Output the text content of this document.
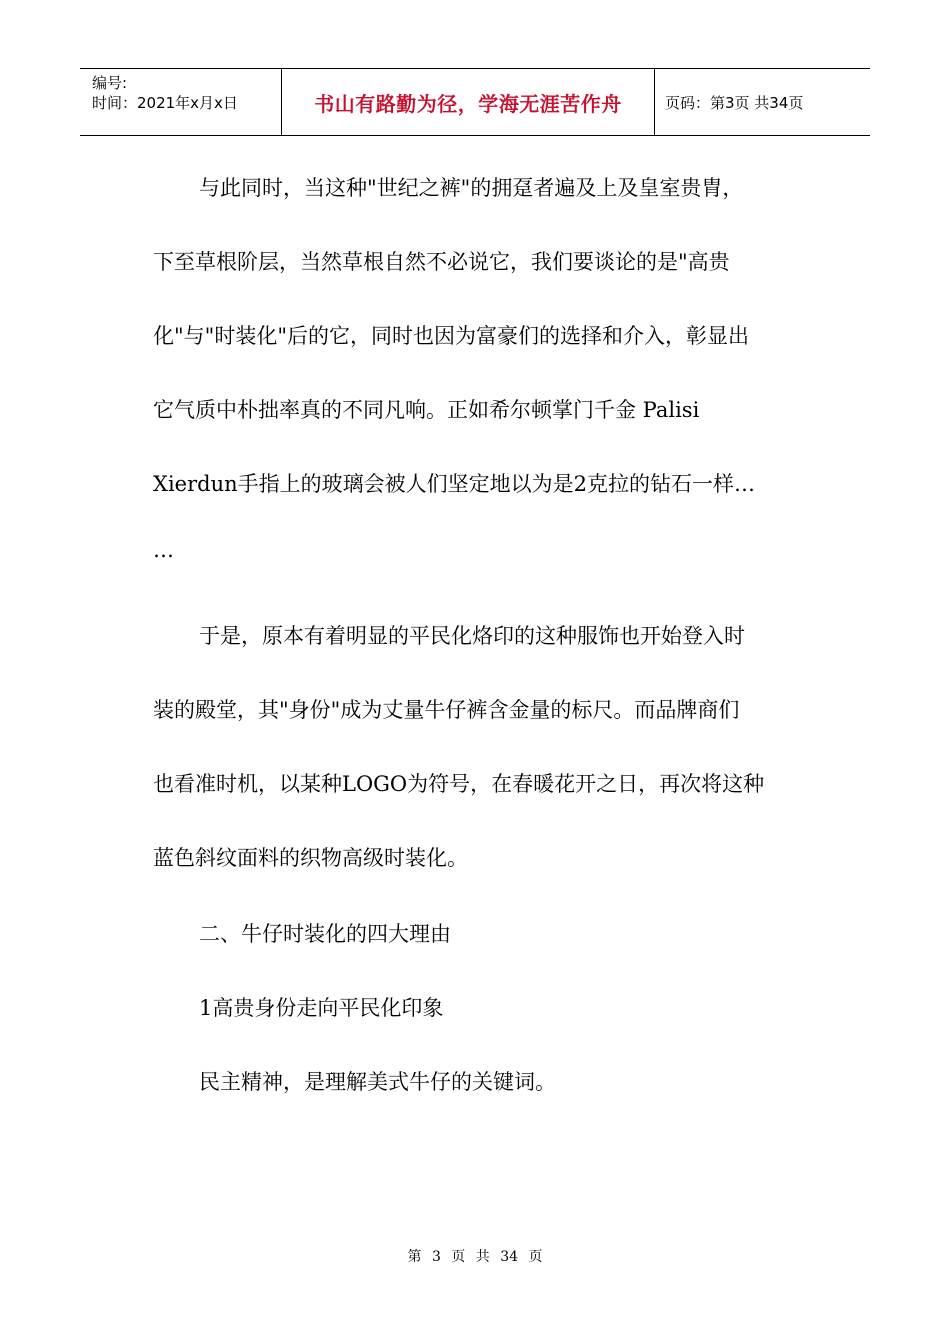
编号:
时间：2021年x月x日	书山有路勤为径，学海无涯苦作舟	页码：第3页 共34页
与此同时，当这种"世纪之裤"的拥趸者遍及上及皇室贵胄，
下至草根阶层，当然草根自然不必说它，我们要谈论的是"高贵
化"与"时装化"后的它，同时也因为富豪们的选择和介入，彰显出
它气质中朴拙率真的不同凡响。正如希尔顿掌门千金 Palisi
Xierdun手指上的玻璃会被人们坚定地以为是2克拉的钻石一样…
…
于是，原本有着明显的平民化烙印的这种服饰也开始登入时
装的殿堂，其"身份"成为丈量牛仔裤含金量的标尺。而品牌商们
也看准时机，以某种LOGO为符号，在春暖花开之日，再次将这种
蓝色斜纹面料的织物高级时装化。
二、牛仔时装化的四大理由
1高贵身份走向平民化印象
民主精神，是理解美式牛仔的关键词。
第 3 页 共 34 页
